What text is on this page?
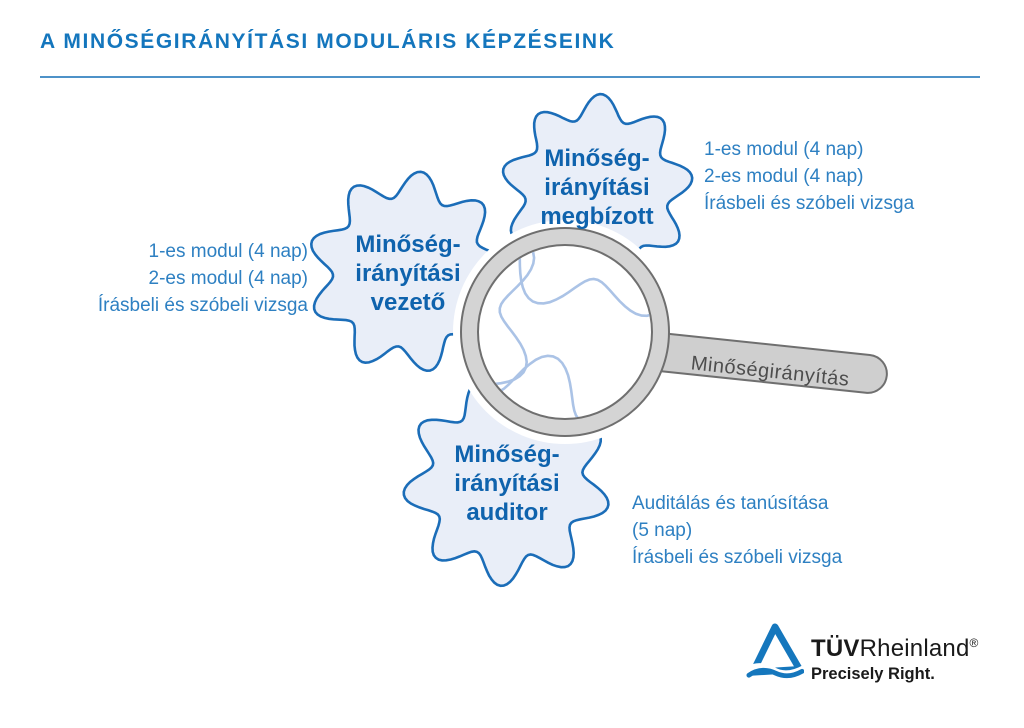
A MINŐSÉGIRÁNYÍTÁSI MODULÁRIS KÉPZÉSEINK
Minőségirányítás
Minőség-
irányítási
vezető
Minőség-
irányítási
megbízott
Minőség-
irányítási
auditor
1-es modul (4 nap)
2-es modul (4 nap)
Írásbeli és szóbeli vizsga
1-es modul (4 nap)
2-es modul (4 nap)
Írásbeli és szóbeli vizsga
Auditálás és tanúsítása
(5 nap)
Írásbeli és szóbeli vizsga
TÜVRheinland®
Precisely Right.
